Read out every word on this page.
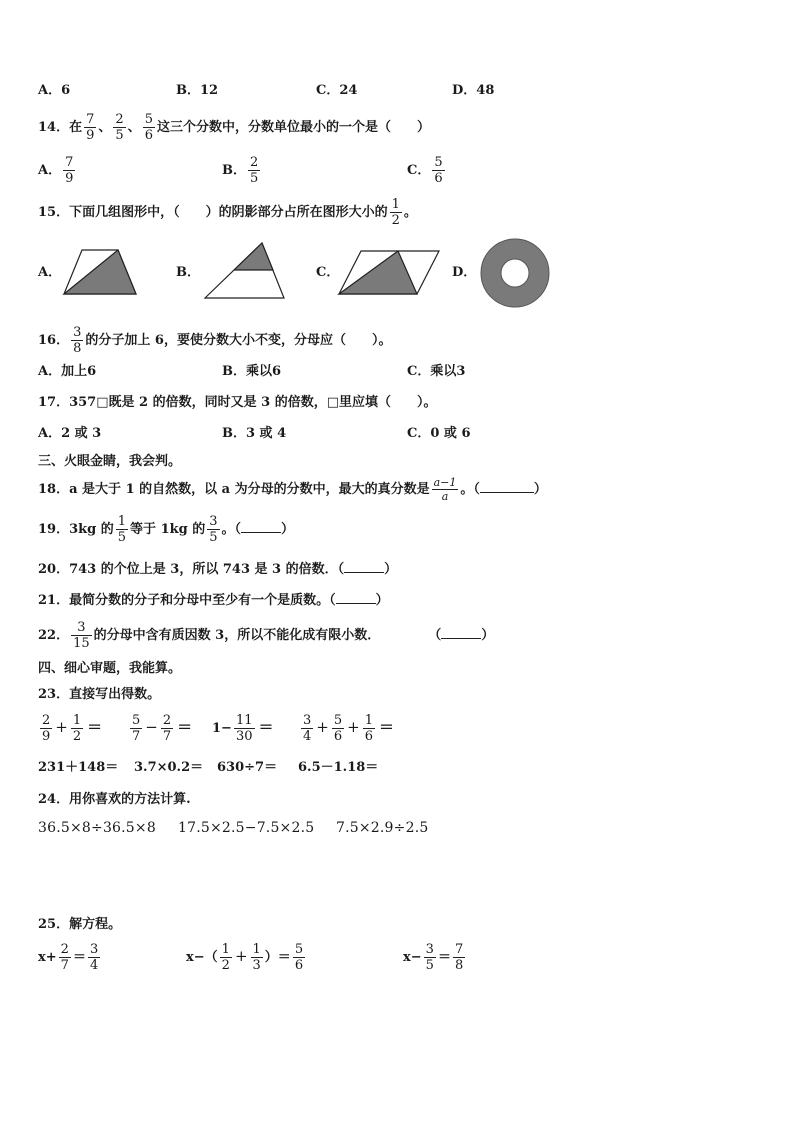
A．6	B．12	C．24	D．48
14．在 $\frac{7}{9}$ 、 $\frac{2}{5}$ 、 $\frac{5}{6}$ 这三个分数中，分数单位最小的一个是（　　）
A． $\frac{7}{9}$	B． $\frac{2}{5}$	C． $\frac{5}{6}$
15．下面几组图形中，（　　）的阴影部分占所在图形大小的 $\frac{1}{2}$ 。
A．	B．	C．	D．
16． $\frac{3}{8}$ 的分子加上 6，要使分数大小不变，分母应（　　）。
A．加上6	B．乘以6	C．乘以3
17．357□既是 2 的倍数，同时又是 3 的倍数，□里应填（　　）。
A．2 或 3	B．3 或 4	C．0 或 6
三、火眼金睛，我会判。
18．a 是大于 1 的自然数，以 a 为分母的分数中，最大的真分数是 $\frac{a-1}{a}$ 。（	）
19．3kg 的 $\frac{1}{5}$ 等于 1kg 的 $\frac{3}{5}$ 。（	）
20．743 的个位上是 3，所以 743 是 3 的倍数．（	）
21．最简分数的分子和分母中至少有一个是质数。（	）
22． $\frac{3}{15}$ 的分母中含有质因数 3，所以不能化成有限小数．	（	）
四、细心审题，我能算。
23．直接写出得数。
$\frac{2}{9} + \frac{1}{2} = \frac{5}{7} - \frac{2}{7} = 1- \frac{11}{30} = \frac{3}{4} + \frac{5}{6} + \frac{1}{6}$ ＝
231＋148＝ 3.7×0.2＝ 630÷7＝ 6.5－1.18＝
24．用你喜欢的方法计算.
36.5×8÷36.5×8 17.5×2.5−7.5×2.5 7.5×2.9÷2.5
25．解方程。
$x+ \frac{2}{7} = \frac{3}{4}$	$x-( \frac{1}{2} + \frac{1}{3}$ ）＝ $\frac{5}{6}$	$x- \frac{3}{5} = \frac{7}{8}$
